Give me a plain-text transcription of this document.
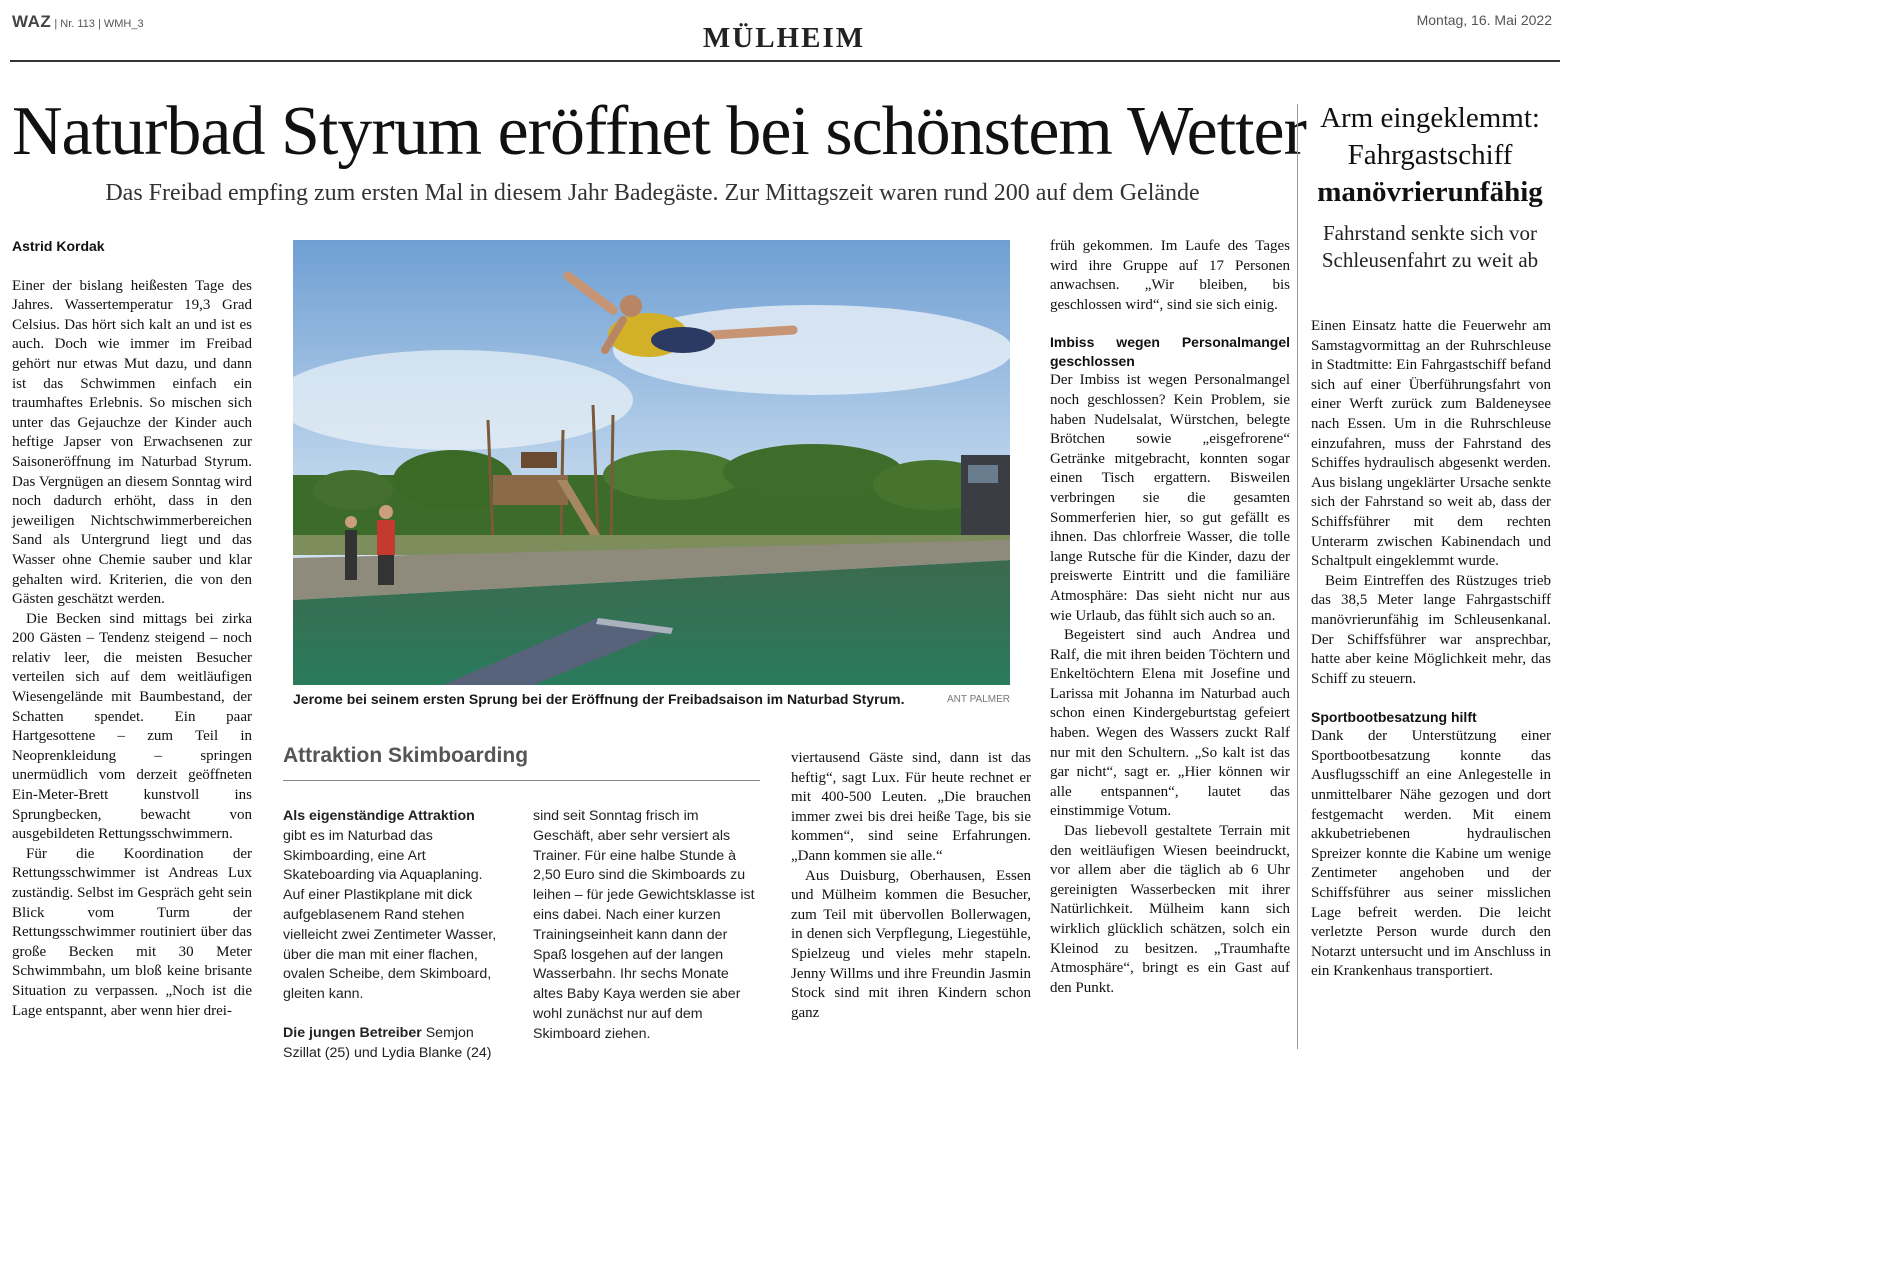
WAZ | Nr. 113 | WMH_3	MÜLHEIM
Montag, 16. Mai 2022
Naturbad Styrum eröffnet bei schönstem Wetter
Das Freibad empfing zum ersten Mal in diesem Jahr Badegäste. Zur Mittagszeit waren rund 200 auf dem Gelände
Astrid Kordak

Einer der bislang heißesten Tage des Jahres. Wassertemperatur 19,3 Grad Celsius. Das hört sich kalt an und ist es auch. Doch wie immer im Freibad gehört nur etwas Mut dazu, und dann ist das Schwimmen einfach ein traumhaftes Erlebnis. So mischen sich unter das Gejauchze der Kinder auch heftige Japser von Erwachsenen zur Saisoneröffnung im Naturbad Styrum. Das Vergnügen an diesem Sonntag wird noch dadurch erhöht, dass in den jeweiligen Nichtschwimmerbereichen Sand als Untergrund liegt und das Wasser ohne Chemie sauber und klar gehalten wird. Kriterien, die von den Gästen geschätzt werden.

Die Becken sind mittags bei zirka 200 Gästen – Tendenz steigend – noch relativ leer, die meisten Besucher verteilen sich auf dem weitläufigen Wiesengelände mit Baumbestand, der Schatten spendet. Ein paar Hartgesottene – zum Teil in Neoprenkleidung – springen unermüdlich vom derzeit geöffneten Ein-Meter-Brett kunstvoll ins Sprungbecken, bewacht von ausgebildeten Rettungsschwimmern.

Für die Koordination der Rettungsschwimmer ist Andreas Lux zuständig. Selbst im Gespräch geht sein Blick vom Turm der Rettungsschwimmer routiniert über das große Becken mit 30 Meter Schwimmbahn, um bloß keine brisante Situation zu verpassen. „Noch ist die Lage entspannt, aber wenn hier drei-

Jerome bei seinem ersten Sprung bei der Eröffnung der Freibadsaison im Naturbad Styrum.	ANT PALMER
Attraktion Skimboarding

Als eigenständige Attraktion
gibt es im Naturbad das Skimboarding, eine Art Skateboarding via Aquaplaning. Auf einer Plastikplane mit dick aufgeblasenem Rand stehen vielleicht zwei Zentimeter Wasser, über die man mit einer flachen, ovalen Scheibe, dem Skimboard, gleiten kann.

Die jungen Betreiber Semjon Szillat (25) und Lydia Blanke (24)

sind seit Sonntag frisch im Geschäft, aber sehr versiert als Trainer. Für eine halbe Stunde à 2,50 Euro sind die Skimboards zu leihen – für jede Gewichtsklasse ist eins dabei. Nach einer kurzen Trainingseinheit kann dann der Spaß losgehen auf der langen Wasserbahn. Ihr sechs Monate altes Baby Kaya werden sie aber wohl zunächst nur auf dem Skimboard ziehen.

viertausend Gäste sind, dann ist das heftig“, sagt Lux. Für heute rechnet er mit 400-500 Leuten. „Die brauchen immer zwei bis drei heiße Tage, bis sie kommen“, sind seine Erfahrungen. „Dann kommen sie alle.“

Aus Duisburg, Oberhausen, Essen und Mülheim kommen die Besucher, zum Teil mit übervollen Bollerwagen, in denen sich Verpflegung, Liegestühle, Spielzeug und vieles mehr stapeln. Jenny Willms und ihre Freundin Jasmin Stock sind mit ihren Kindern schon ganz

früh gekommen. Im Laufe des Tages wird ihre Gruppe auf 17 Personen anwachsen. „Wir bleiben, bis geschlossen wird“, sind sie sich einig.

Imbiss wegen Personalmangel geschlossen

Der Imbiss ist wegen Personalmangel noch geschlossen? Kein Problem, sie haben Nudelsalat, Würstchen, belegte Brötchen sowie „eisgefrorene“ Getränke mitgebracht, konnten sogar einen Tisch ergattern. Bisweilen verbringen sie die gesamten Sommerferien hier, so gut gefällt es ihnen. Das chlorfreie Wasser, die tolle lange Rutsche für die Kinder, dazu der preiswerte Eintritt und die familiäre Atmosphäre: Das sieht nicht nur aus wie Urlaub, das fühlt sich auch so an.

Begeistert sind auch Andrea und Ralf, die mit ihren beiden Töchtern und Enkeltöchtern Elena mit Josefine und Larissa mit Johanna im Naturbad auch schon einen Kindergeburtstag gefeiert haben. Wegen des Wassers zuckt Ralf nur mit den Schultern. „So kalt ist das gar nicht“, sagt er. „Hier können wir alle entspannen“, lautet das einstimmige Votum.

Das liebevoll gestaltete Terrain mit den weitläufigen Wiesen beeindruckt, vor allem aber die täglich ab 6 Uhr gereinigten Wasserbecken mit ihrer Natürlichkeit. Mülheim kann sich wirklich glücklich schätzen, solch ein Kleinod zu besitzen. „Traumhafte Atmosphäre“, bringt es ein Gast auf den Punkt.

Arm eingeklemmt:
Fahrgastschiff
manövrierunfähig
Fahrstand senkte sich vor Schleusenfahrt zu weit ab

Einen Einsatz hatte die Feuerwehr am Samstagvormittag an der Ruhrschleuse in Stadtmitte: Ein Fahrgastschiff befand sich auf einer Überführungsfahrt von einer Werft zurück zum Baldeneysee nach Essen. Um in die Ruhrschleuse einzufahren, muss der Fahrstand des Schiffes hydraulisch abgesenkt werden. Aus bislang ungeklärter Ursache senkte sich der Fahrstand so weit ab, dass der Schiffsführer mit dem rechten Unterarm zwischen Kabinendach und Schaltpult eingeklemmt wurde.

Beim Eintreffen des Rüstzuges trieb das 38,5 Meter lange Fahrgastschiff manövrierunfähig im Schleusenkanal. Der Schiffsführer war ansprechbar, hatte aber keine Möglichkeit mehr, das Schiff zu steuern.

Sportbootbesatzung hilft

Dank der Unterstützung einer Sportbootbesatzung konnte das Ausflugsschiff an eine Anlegestelle in unmittelbarer Nähe gezogen und dort festgemacht werden. Mit einem akkubetriebenen hydraulischen Spreizer konnte die Kabine um wenige Zentimeter angehoben und der Schiffsführer aus seiner misslichen Lage befreit werden. Die leicht verletzte Person wurde durch den Notarzt untersucht und im Anschluss in ein Krankenhaus transportiert.
